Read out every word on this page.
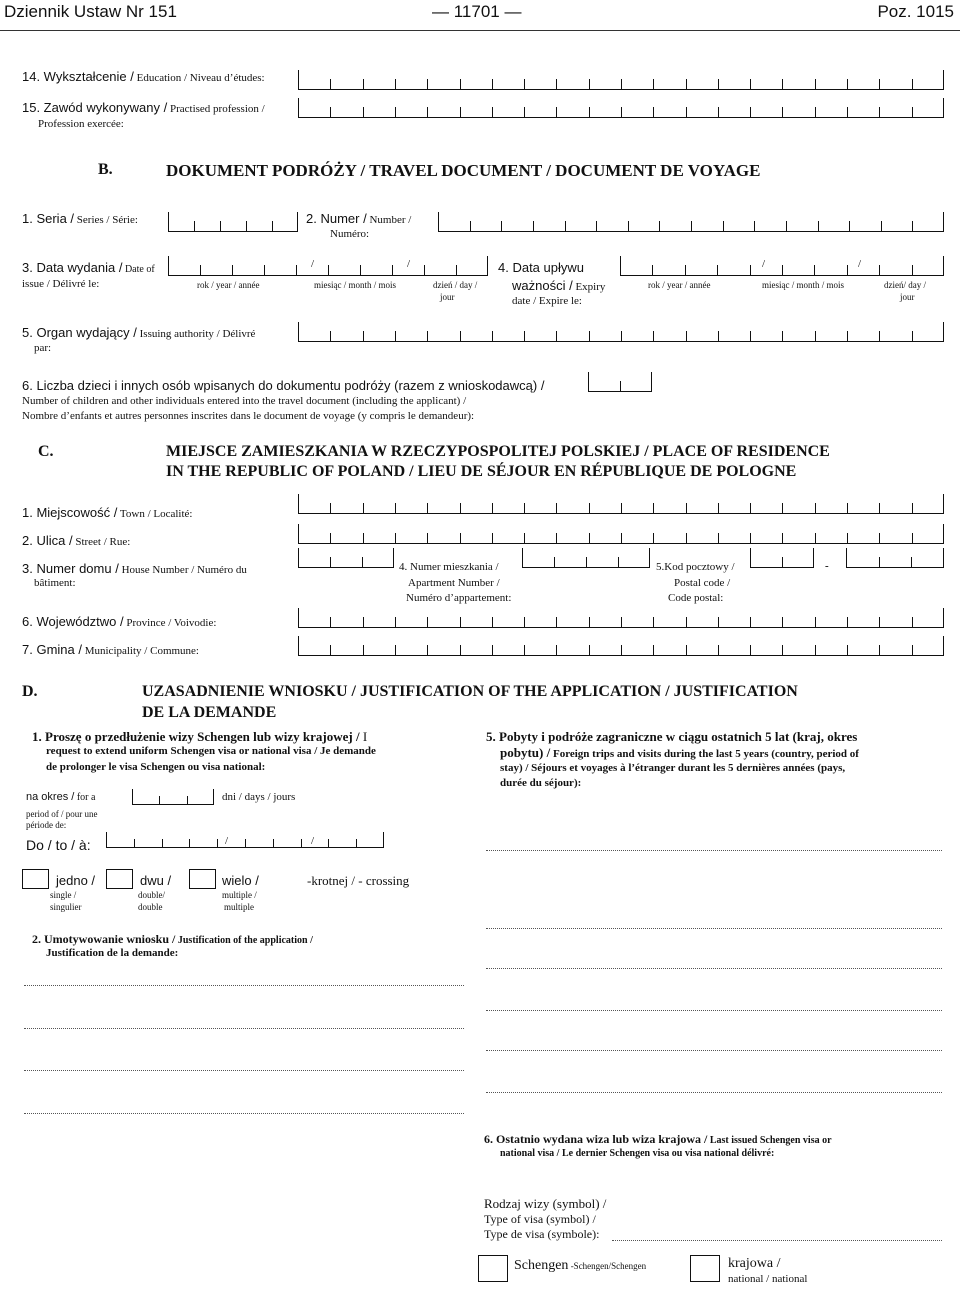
Dziennik Ustaw Nr 151	— 11701 —	Poz. 1015
14. Wykształcenie / Education / Niveau d’études:
15. Zawód wykonywany / Practised profession /
Profession exercée:
B.	DOKUMENT PODRÓŻY / TRAVEL DOCUMENT / DOCUMENT DE VOYAGE
1. Seria / Series / Série:	2. Numer / Number /
Numéro:
3. Data wydania / Date of
issue / Délivré le:
/	/
rok / year / année	miesiąc / month / mois	dzień / day /
jour
4. Data upływu
ważności / Expiry
date / Expire le:
/	/
rok / year / année	miesiąc / month / mois	dzień/ day /
jour
5. Organ wydający / Issuing authority / Délivré
par:
6. Liczba dzieci i innych osób wpisanych do dokumentu podróży (razem z wnioskodawcą) /
Number of children and other individuals entered into the travel document (including the applicant) /
Nombre d’enfants et autres personnes inscrites dans le document de voyage (y compris le demandeur):
C.	MIEJSCE ZAMIESZKANIA W RZECZYPOSPOLITEJ POLSKIEJ / PLACE OF RESIDENCE
IN THE REPUBLIC OF POLAND / LIEU DE SÉJOUR EN RÉPUBLIQUE DE POLOGNE
1. Miejscowość / Town / Localité:
2. Ulica / Street / Rue:
3. Numer domu / House Number / Numéro du
bâtiment:
4. Numer mieszkania /
Apartment Number /
Numéro d’appartement:
5.Kod pocztowy /
Postal code /
Code postal:
-
6. Województwo / Province / Voivodie:
7. Gmina / Municipality / Commune:
D.	UZASADNIENIE WNIOSKU / JUSTIFICATION OF THE APPLICATION / JUSTIFICATION
DE LA DEMANDE
1. Proszę o przedłużenie wizy Schengen lub wizy krajowej / I
request to extend uniform Schengen visa or national visa / Je demande
de prolonger le visa Schengen ou visa national:
na okres / for a
period of / pour une
période de:
dni / days / jours
Do / to / à:	/	/
jedno /
single /
singulier
dwu /
double/
double
wielo /
multiple /
multiple
-krotnej / - crossing
2. Umotywowanie wniosku / Justification of the application /
Justification de la demande:
5. Pobyty i podróże zagraniczne w ciągu ostatnich 5 lat (kraj, okres
pobytu) / Foreign trips and visits during the last 5 years (country, period of
stay) / Séjours et voyages à l’étranger durant les 5 dernières années (pays,
durée du séjour):
6. Ostatnio wydana wiza lub wiza krajowa / Last issued Schengen visa or
national visa / Le dernier Schengen visa ou visa national délivré:
Rodzaj wizy (symbol) /
Type of visa (symbol) /
Type de visa (symbole):
Schengen -Schengen/Schengen	krajowa /
national / national
